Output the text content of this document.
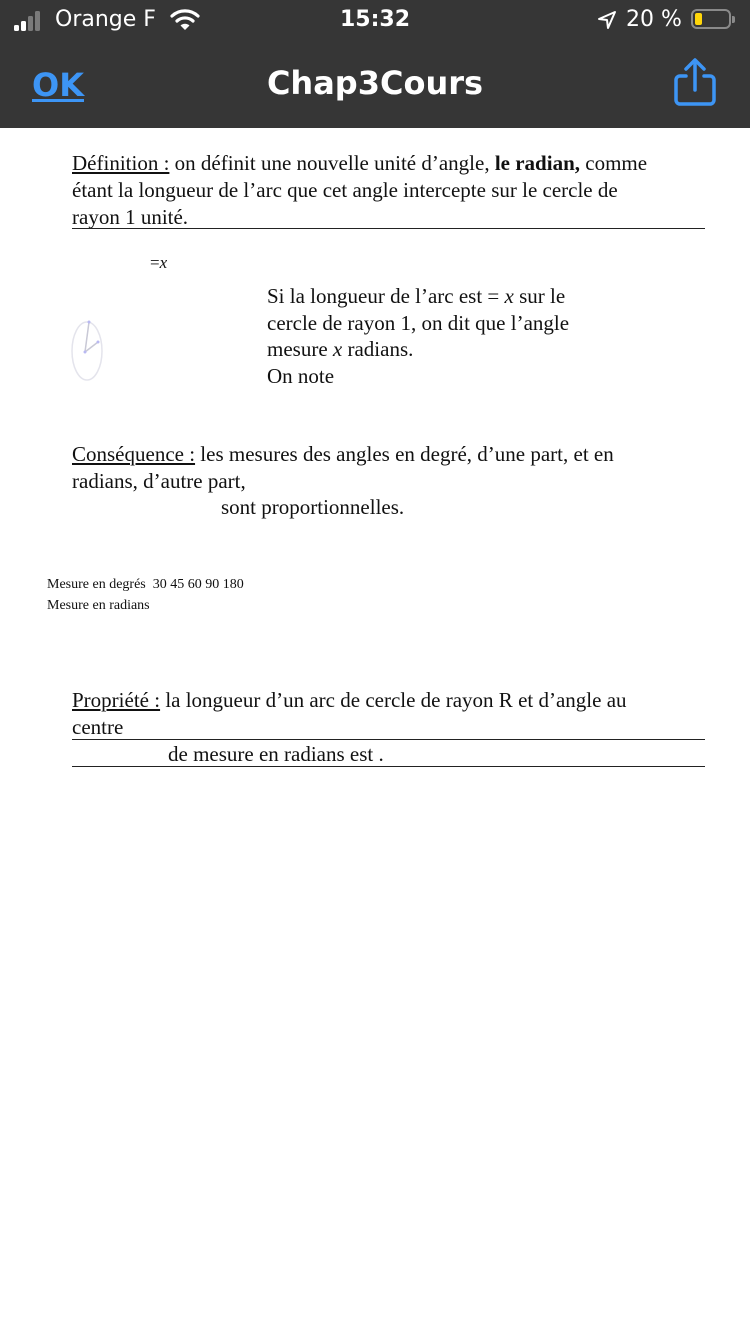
Orange F	15:32	20 %
OK	Chap3Cours
Définition : on définit une nouvelle unité d’angle, le radian, comme
étant la longueur de l’arc que cet angle intercepte sur le cercle de
rayon 1 unité.
=x
Si la longueur de l’arc est = x sur le
cercle de rayon 1, on dit que l’angle
mesure x radians.
On note
Conséquence : les mesures des angles en degré, d’une part, et en
radians, d’autre part,
sont proportionnelles.
Mesure en degrés 30 45 60 90 180
Mesure en radians
Propriété : la longueur d’un arc de cercle de rayon R et d’angle au
centre
de mesure en radians est .
